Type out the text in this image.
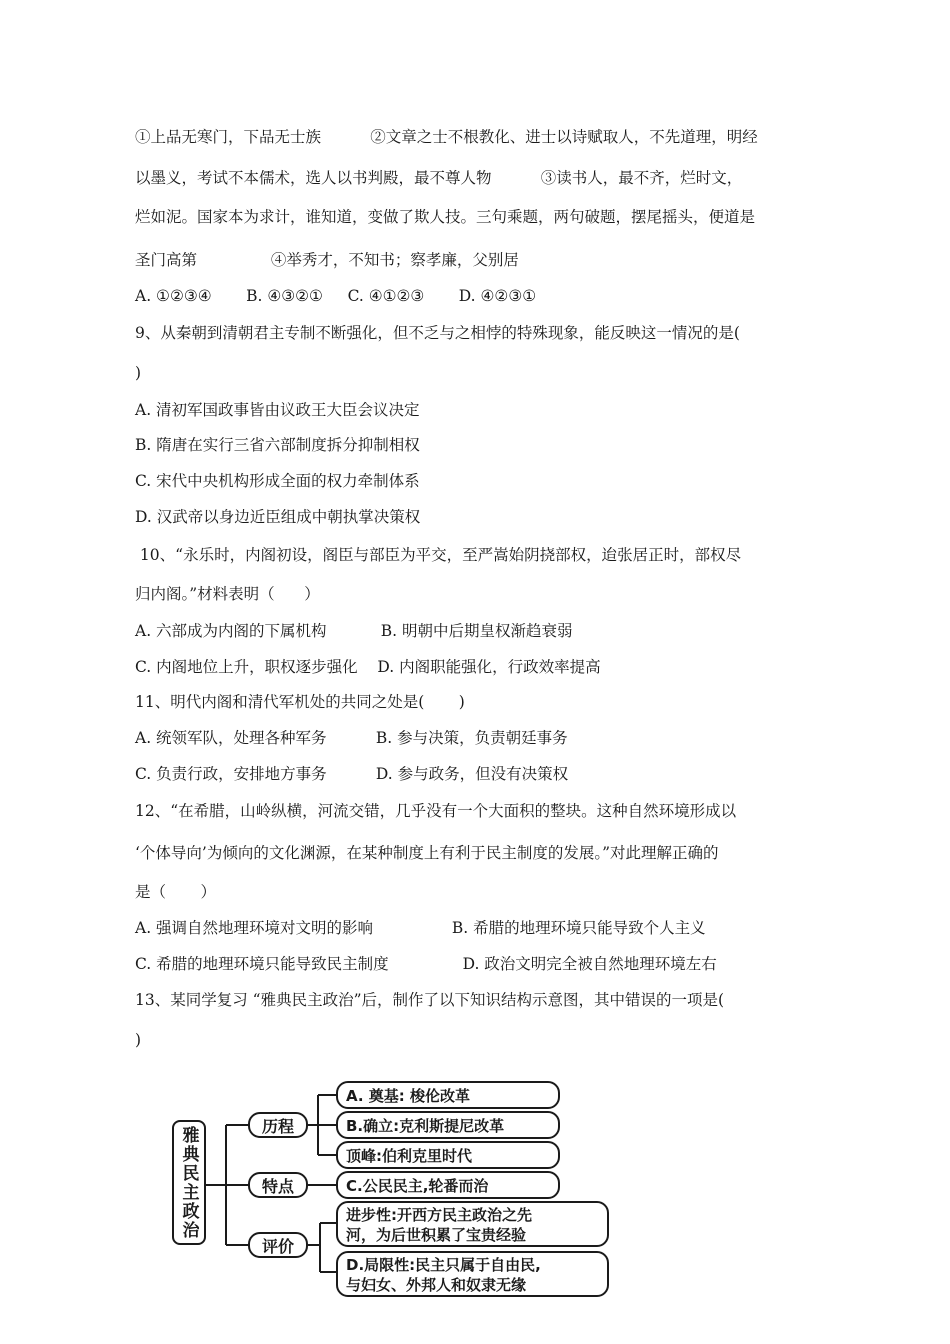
①上品无寒门，下品无士族          ②文章之士不根教化、进士以诗赋取人，不先道理，明经
以墨义，考试不本儒术，选人以书判殿，最不尊人物          ③读书人，最不齐，烂时文，
烂如泥。国家本为求计，谁知道，变做了欺人技。三句乘题，两句破题，摆尾摇头，便道是
圣门高第               ④举秀才，不知书；察孝廉，父别居
A. ①②③④       B. ④③②①     C. ④①②③       D. ④②③①
9、从秦朝到清朝君主专制不断强化，但不乏与之相悖的特殊现象，能反映这一情况的是(
)
A. 清初军国政事皆由议政王大臣会议决定
B. 隋唐在实行三省六部制度拆分抑制相权
C. 宋代中央机构形成全面的权力牵制体系
D. 汉武帝以身边近臣组成中朝执掌决策权
10、“永乐时，内阁初设，阁臣与部臣为平交，至严嵩始阴挠部权，迨张居正时，部权尽
归内阁。”材料表明（      ）
A. 六部成为内阁的下属机构           B. 明朝中后期皇权渐趋衰弱
C. 内阁地位上升，职权逐步强化    D. 内阁职能强化，行政效率提高
11、明代内阁和清代军机处的共同之处是(       )
A. 统领军队，处理各种军务          B. 参与决策，负责朝廷事务
C. 负责行政，安排地方事务          D. 参与政务，但没有决策权
12、“在希腊，山岭纵横，河流交错，几乎没有一个大面积的整块。这种自然环境形成以
‘个体导向’为倾向的文化渊源，在某种制度上有利于民主制度的发展。”对此理解正确的
是（       ）
A. 强调自然地理环境对文明的影响                B. 希腊的地理环境只能导致个人主义
C. 希腊的地理环境只能导致民主制度               D. 政治文明完全被自然地理环境左右
13、某同学复习 “雅典民主政治”后，制作了以下知识结构示意图，其中错误的一项是(
)
雅典民主政治	历程
特点
评价
A. 奠基: 梭伦改革
B.确立:克利斯提尼改革
顶峰:伯利克里时代
C.公民民主,轮番而治
进步性:开西方民主政治之先
河，为后世积累了宝贵经验
D.局限性:民主只属于自由民,
与妇女、外邦人和奴隶无缘
